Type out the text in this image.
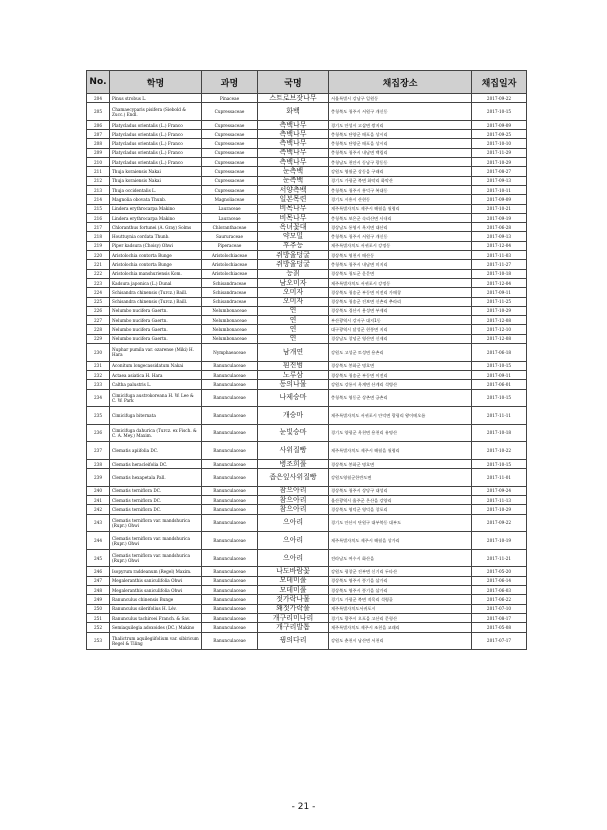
No.	학명	과명	국명	채집장소	채집일자
204	Pinus strobus L.	Pinaceae	스트로브잣나무	서울특별시 강남구 일원동	2017-09-22
205	Chamaecyparis pisifera (Siebold & Zucc.) Endl.	Cupressaceae	화백	충청북도 청주시 서원구 개신동	2017-10-15
206	Platycladus orientalis (L.) Franco	Cupressaceae	측백나무	경기도 안성시 고삼면 쌍지리	2017-09-09
207	Platycladus orientalis (L.) Franco	Cupressaceae	측백나무	충청북도 단양군 매포읍 상시리	2017-09-25
208	Platycladus orientalis (L.) Franco	Cupressaceae	측백나무	충청북도 단양군 매포읍 상시리	2017-10-10
209	Platycladus orientalis (L.) Franco	Cupressaceae	측백나무	충청북도 청주시 내남면 백림리	2017-11-29
210	Platycladus orientalis (L.) Franco	Cupressaceae	측백나무	충청남도 천안시 동남구 광동동	2017-10-29
211	Thuja koraiensis Nakai	Cupressaceae	눈측백	강원도 영월군 상동읍 구래리	2017-08-27
212	Thuja koraiensis Nakai	Cupressaceae	눈측백	경기도 가평군 북면 화악리 화악산	2017-09-13
213	Thuja occidentalis L.	Cupressaceae	서양측백	충청북도 청주시 흥덕구 복대동	2017-10-11
214	Magnolia obovata Thunb.	Magnoliaceae	일본목련	경기도 시흥시 산현동	2017-09-09
215	Lindera erythrocarpa Makino	Lauraceae	비목나무	제주특별자치도 제주시 해월읍 월령리	2017-10-21
216	Lindera erythrocarpa Makino	Lauraceae	비목나무	충청북도 보은군 속리산면 사내리	2017-09-19
217	Chloranthus fortunei (A. Gray) Solms	Chloranthaceae	옥녀꽃대	경상남도 통영시 욕지면 대산리	2017-06-28
218	Houttuynia cordata Thunb.	Saururaceae	약모밀	충청북도 청주시 서원구 개신동	2017-09-13
219	Piper kadsura (Choisy) Ohwi	Piperaceae	후추등	제주특별자치도 서귀포시 강정동	2017-12-04
220	Aristolochia contorta Bunge	Aristolochiaceae	쥐방울덩굴	경상북도 영천시 매산동	2017-11-03
221	Aristolochia contorta Bunge	Aristolochiaceae	쥐방울덩굴	충청북도 청주시 내남면 미지리	2017-11-27
222	Aristolochia manshuriensis Kom.	Aristolochiaceae	등칡	경상북도 청도군 운문면	2017-10-18
223	Kadsura japonica (L.) Dunal	Schisandraceae	남오미자	제주특별자치도 서귀포시 강정동	2017-12-04
224	Schisandra chinensis (Turcz.) Baill.	Schisandraceae	오미자	경상북도 청송군 부동면 이전리 가매창	2017-09-11
225	Schisandra chinensis (Turcz.) Baill.	Schisandraceae	오미자	경상북도 청송군 진보면 신촌리 추라리	2017-11-25
226	Nelumbo nucifera Gaertn.	Nelumbonaceae	연	경상북도 경산시 용성면 부제리	2017-10-29
227	Nelumbo nucifera Gaertn.	Nelumbonaceae	연	부산광역시 강서구 대저1동	2017-12-08
228	Nelumbo nucifera Gaertn.	Nelumbonaceae	연	대구광역시 달성군 현풍면 지리	2017-12-10
229	Nelumbo nucifera Gaertn.	Nelumbonaceae	연	경상남도 창녕군 영산면 신제리	2017-12-08
230	Nuphar pumila var. ozarense (Miki) H. Hara	Nymphaeaceae	남개연	강원도 고성군 토성면 용촌리	2017-06-18
231	Aconitum longecassidatum Nakai	Ranunculaceae	흰진범	경상북도 봉화군 명호면	2017-10-15
232	Actaea asiatica H. Hara	Ranunculaceae	노루삼	경상북도 청송군 부동면 이전리	2017-09-11
233	Caltha palustris L.	Ranunculaceae	동의나물	강원도 강릉시 옥계면 산계리 석병산	2017-06-01
234	Cimicifuga austrokoreana H. W. Lee & C. W. Park	Ranunculaceae	나제승마	충청북도 영동군 상촌면 궁촌리	2017-10-15
235	Cimicifuga biternata	Ranunculaceae	개승마	제주특별자치도 서귀포시 안덕면 광평리 왕이메오름	2017-11-11
236	Cimicifuga dahurica (Turcz. ex Fisch. & C. A. Mey.) Maxim.	Ranunculaceae	눈빛승마	경기도 양평군 옥천면 용천리 유명산	2017-10-18
237	Clematis apiifolia DC.	Ranunculaceae	사위질빵	제주특별자치도 제주시 해월읍 월령리	2017-10-22
238	Clematis heracleifolia DC.	Ranunculaceae	병조희풀	경상북도 봉화군 명호면	2017-10-15
239	Clematis hexapetala Pall.	Ranunculaceae	좁은잎사위질빵	강원도영월군한반도면	2017-11-01
240	Clematis terniflora DC.	Ranunculaceae	참으아리	경상북도 청주시 상당구 대성리	2017-09-24
241	Clematis terniflora DC.	Ranunculaceae	참으아리	울산광역시 울주군 온산읍 강양리	2017-11-13
242	Clematis terniflora DC.	Ranunculaceae	참으아리	경상북도 영덕군 영덕읍 창포리	2017-10-29
243	Clematis terniflora var. mandshurica (Rupr.) Ohwi	Ranunculaceae	으아리	경기도 안산시 단원구 대부북동 대부도	2017-09-22
244	Clematis terniflora var. mandshurica (Rupr.) Ohwi	Ranunculaceae	으아리	제주특별자치도 제주시 해월읍 상가리	2017-10-19
245	Clematis terniflora var. mandshurica (Rupr.) Ohwi	Ranunculaceae	으아리	전라남도 여수시 화산읍	2017-11-21
246	Isopyrum raddeanum (Regel) Maxim.	Ranunculaceae	나도바람꽃	강원도 평창군 진부면 신기리 두타산	2017-05-20
247	Megaleranthis saniculifolia Ohwi	Ranunculaceae	모데미풀	경상북도 영주시 풍기읍 삼가리	2017-06-14
248	Megaleranthis saniculifolia Ohwi	Ranunculaceae	모데미풀	경상북도 영주시 풍기읍 삼가리	2017-06-03
249	Ranunculus chinensis Bunge	Ranunculaceae	젓가락나물	경기도 가평군 북면 적목리 석령골	2017-06-22
250	Ranunculus silerifolius H. Lév.	Ranunculaceae	왜젓가락풀	제주특별자치도서귀포시	2017-07-10
251	Ranunculus tachiroei Franch. & Sav.	Ranunculaceae	개구리미나리	경기도 광주시 오포읍 고산리 문형산	2017-08-17
252	Semiaquilegia adoxoides (DC.) Makino	Ranunculaceae	개구리발톱	제주특별자치도 제주시 조천읍 교래리	2017-05-08
253	Thalictrum aquilegiifolium var. sibiricum Regel & Tiling	Ranunculaceae	꿩의다리	강원도 춘천시 남산면 서천리	2017-07-17
- 21 -
